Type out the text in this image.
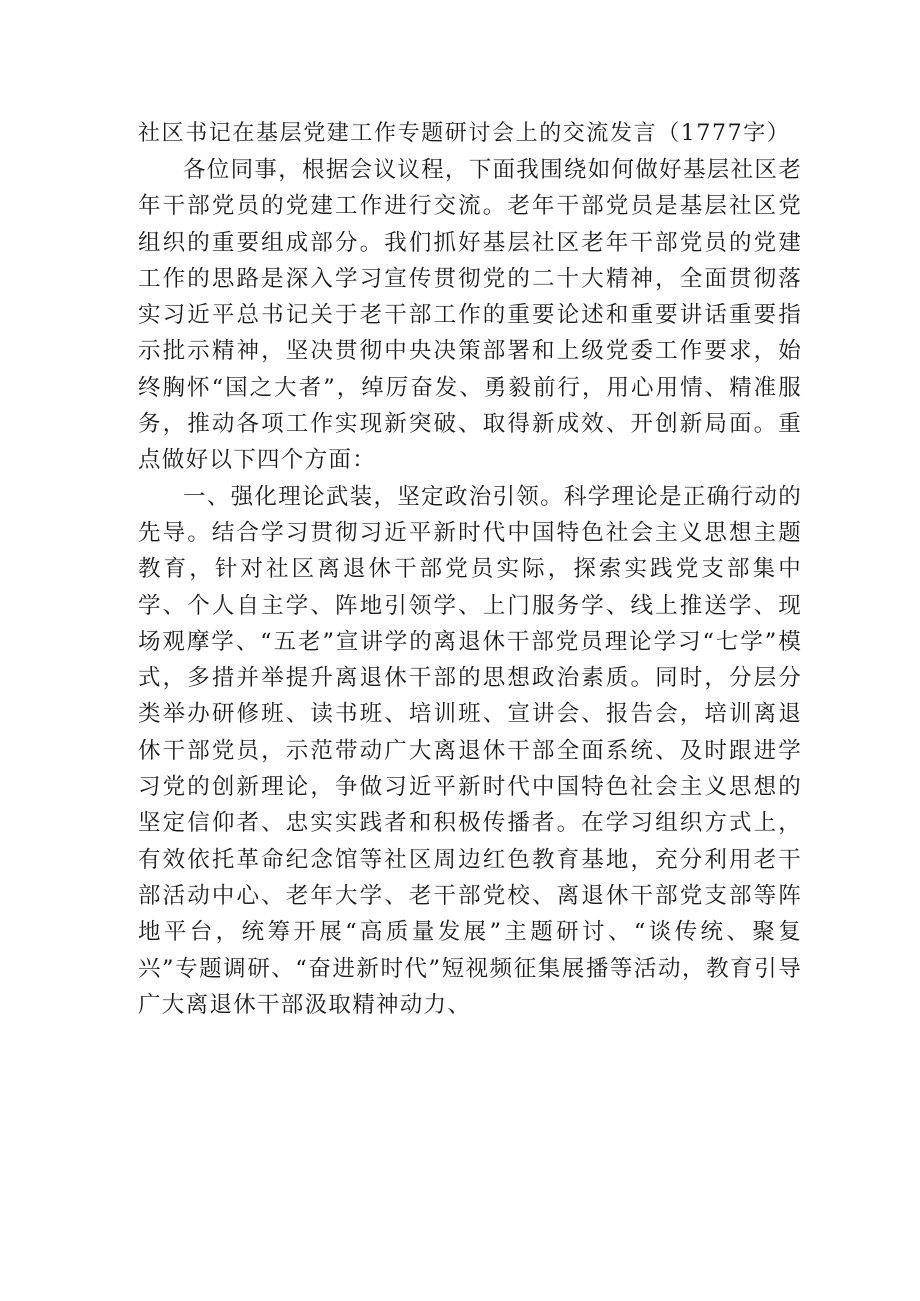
社区书记在基层党建工作专题研讨会上的交流发言（1777字）

各位同事，根据会议议程，下面我围绕如何做好基层社区老年干部党员的党建工作进行交流。老年干部党员是基层社区党组织的重要组成部分。我们抓好基层社区老年干部党员的党建工作的思路是深入学习宣传贯彻党的二十大精神，全面贯彻落实习近平总书记关于老干部工作的重要论述和重要讲话重要指示批示精神，坚决贯彻中央决策部署和上级党委工作要求，始终胸怀“国之大者”，绰厉奋发、勇毅前行，用心用情、精准服务，推动各项工作实现新突破、取得新成效、开创新局面。重点做好以下四个方面：

一、强化理论武装，坚定政治引领。科学理论是正确行动的先导。结合学习贯彻习近平新时代中国特色社会主义思想主题教育，针对社区离退休干部党员实际，探索实践党支部集中学、个人自主学、阵地引领学、上门服务学、线上推送学、现场观摩学、“五老”宣讲学的离退休干部党员理论学习“七学”模式，多措并举提升离退休干部的思想政治素质。同时，分层分类举办研修班、读书班、培训班、宣讲会、报告会，培训离退休干部党员，示范带动广大离退休干部全面系统、及时跟进学习党的创新理论，争做习近平新时代中国特色社会主义思想的坚定信仰者、忠实实践者和积极传播者。在学习组织方式上，有效依托革命纪念馆等社区周边红色教育基地，充分利用老干部活动中心、老年大学、老干部党校、离退休干部党支部等阵地平台，统筹开展“高质量发展”主题研讨、“谈传统、聚复兴”专题调研、“奋进新时代”短视频征集展播等活动，教育引导广大离退休干部汲取精神动力、
